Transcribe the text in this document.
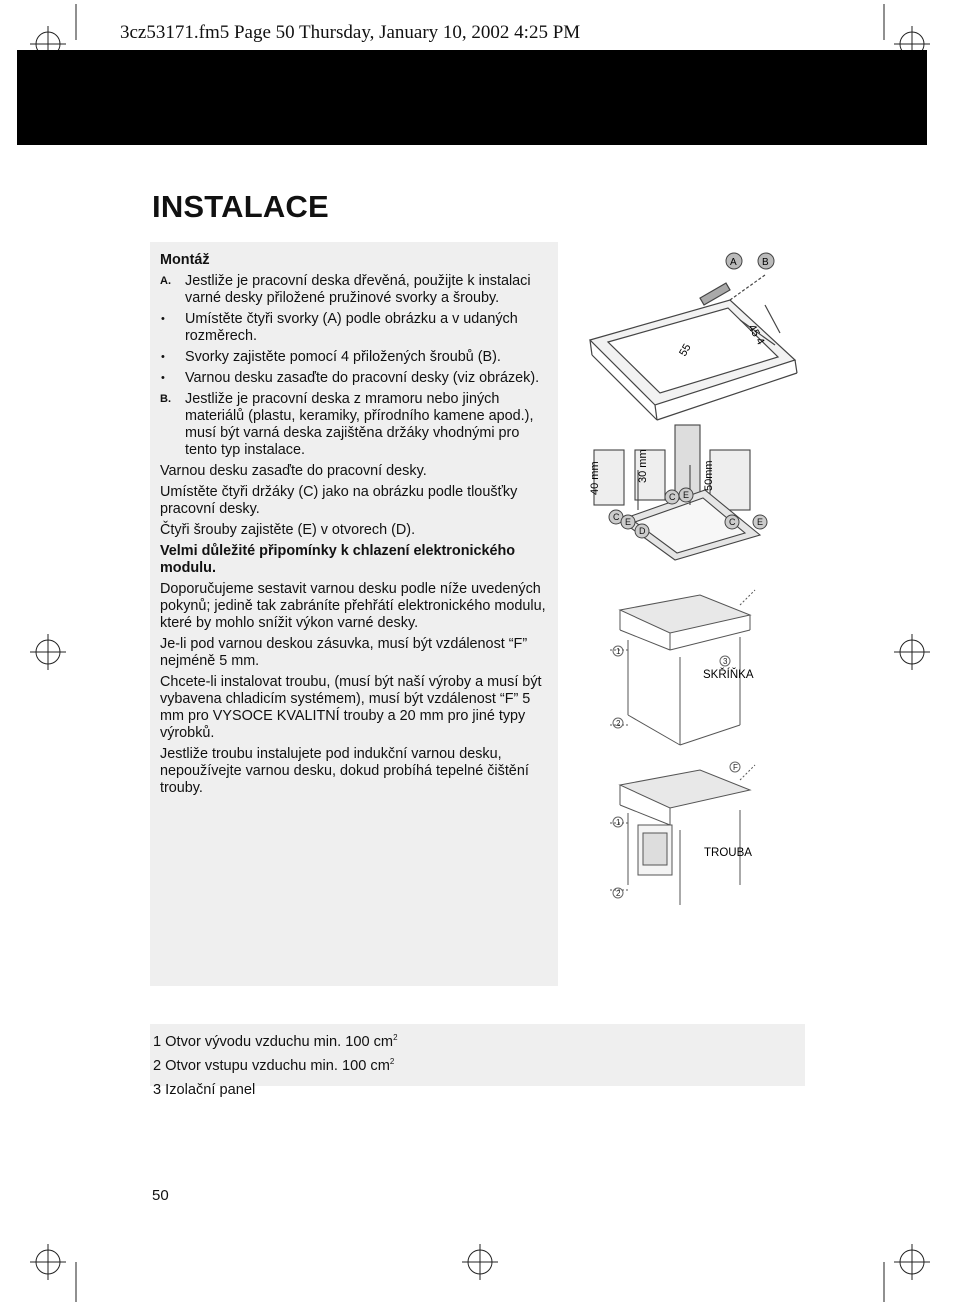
3cz53171.fm5 Page 50 Thursday, January 10, 2002 4:25 PM
INSTALACE

Montáž

A. Jestliže je pracovní deska dřevěná, použijte k instalaci varné desky přiložené pružinové svorky a šrouby.
• Umístěte čtyři svorky (A) podle obrázku a v udaných rozměrech.
• Svorky zajistěte pomocí 4 přiložených šroubů (B).
• Varnou desku zasaďte do pracovní desky (viz obrázek).
B. Jestliže je pracovní deska z mramoru nebo jiných materiálů (plastu, keramiky, přírodního kamene apod.), musí být varná deska zajištěna držáky vhodnými pro tento typ instalace.

Varnou desku zasaďte do pracovní desky.

Umístěte čtyři držáky (C) jako na obrázku podle tloušťky pracovní desky.

Čtyři šrouby zajistěte (E) v otvorech (D).

Velmi důležité připomínky k chlazení elektronického modulu.

Doporučujeme sestavit varnou desku podle níže uvedených pokynů; jedině tak zabráníte přehřátí elektronického modulu, které by mohlo snížit výkon varné desky.

Je-li pod varnou deskou zásuvka, musí být vzdálenost “F” nejméně 5 mm.

Chcete-li instalovat troubu, (musí být naší výroby a musí být vybavena chladicím systémem), musí být vzdálenost “F” 5 mm pro VYSOCE KVALITNÍ trouby a 20 mm pro jiné typy výrobků.

Jestliže troubu instalujete pod indukční varnou desku, nepoužívejte varnou desku, dokud probíhá tepelné čištění trouby.

A	B
55
45 4
40 mm	30 mm	50mm
C E
D
C E
C E
1
2
3
SKŘÍŇKA
F
1
2
TROUBA
1 Otvor vývodu vzduchu min. 100 $cm^2$
2 Otvor vstupu vzduchu min. 100 $cm^2$
3 Izolační panel
50
